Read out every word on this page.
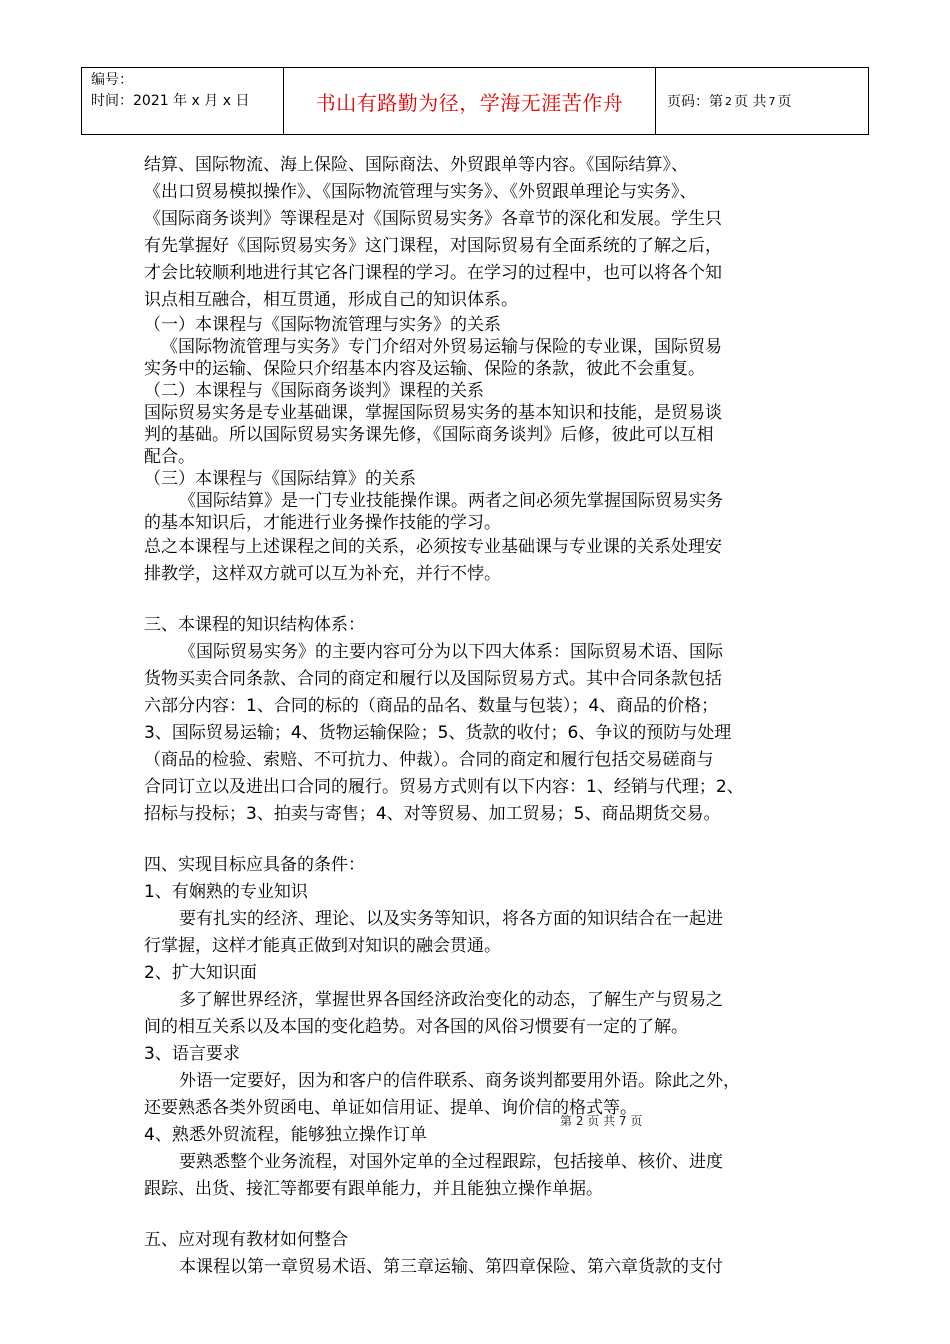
编号：
时间：2021 年 x 月 x 日	书山有路勤为径，学海无涯苦作舟	页码：第 2 页 共 7 页

结算、国际物流、海上保险、国际商法、外贸跟单等内容。《国际结算》、

《出口贸易模拟操作》、《国际物流管理与实务》、《外贸跟单理论与实务》、

《国际商务谈判》等课程是对《国际贸易实务》各章节的深化和发展。学生只

有先掌握好《国际贸易实务》这门课程，对国际贸易有全面系统的了解之后，

才会比较顺利地进行其它各门课程的学习。在学习的过程中，也可以将各个知

识点相互融合，相互贯通，形成自己的知识体系。

（一）本课程与《国际物流管理与实务》的关系

《国际物流管理与实务》专门介绍对外贸易运输与保险的专业课，国际贸易

实务中的运输、保险只介绍基本内容及运输、保险的条款，彼此不会重复。

（二）本课程与《国际商务谈判》课程的关系

国际贸易实务是专业基础课，掌握国际贸易实务的基本知识和技能，是贸易谈

判的基础。所以国际贸易实务课先修，《国际商务谈判》后修，彼此可以互相

配合。

（三）本课程与《国际结算》的关系

《国际结算》是一门专业技能操作课。两者之间必须先掌握国际贸易实务

的基本知识后，才能进行业务操作技能的学习。

总之本课程与上述课程之间的关系，必须按专业基础课与专业课的关系处理安

排教学，这样双方就可以互为补充，并行不悖。

三、本课程的知识结构体系：

《国际贸易实务》的主要内容可分为以下四大体系：国际贸易术语、国际

货物买卖合同条款、合同的商定和履行以及国际贸易方式。其中合同条款包括

六部分内容：1、合同的标的（商品的品名、数量与包装）；4、商品的价格；

3、国际贸易运输；4、货物运输保险；5、货款的收付；6、争议的预防与处理

（商品的检验、索赔、不可抗力、仲裁）。合同的商定和履行包括交易磋商与

合同订立以及进出口合同的履行。贸易方式则有以下内容：1、经销与代理；2、

招标与投标；3、拍卖与寄售；4、对等贸易、加工贸易；5、商品期货交易。

四、实现目标应具备的条件：

1、有娴熟的专业知识

要有扎实的经济、理论、以及实务等知识，将各方面的知识结合在一起进

行掌握，这样才能真正做到对知识的融会贯通。

2、扩大知识面

多了解世界经济，掌握世界各国经济政治变化的动态，了解生产与贸易之

间的相互关系以及本国的变化趋势。对各国的风俗习惯要有一定的了解。

3、语言要求

外语一定要好，因为和客户的信件联系、商务谈判都要用外语。除此之外，

还要熟悉各类外贸函电、单证如信用证、提单、询价信的格式等。

4、熟悉外贸流程，能够独立操作订单

要熟悉整个业务流程，对国外定单的全过程跟踪，包括接单、核价、进度

跟踪、出货、接汇等都要有跟单能力，并且能独立操作单据。

五、应对现有教材如何整合

本课程以第一章贸易术语、第三章运输、第四章保险、第六章货款的支付

第 2 页 共 7 页
